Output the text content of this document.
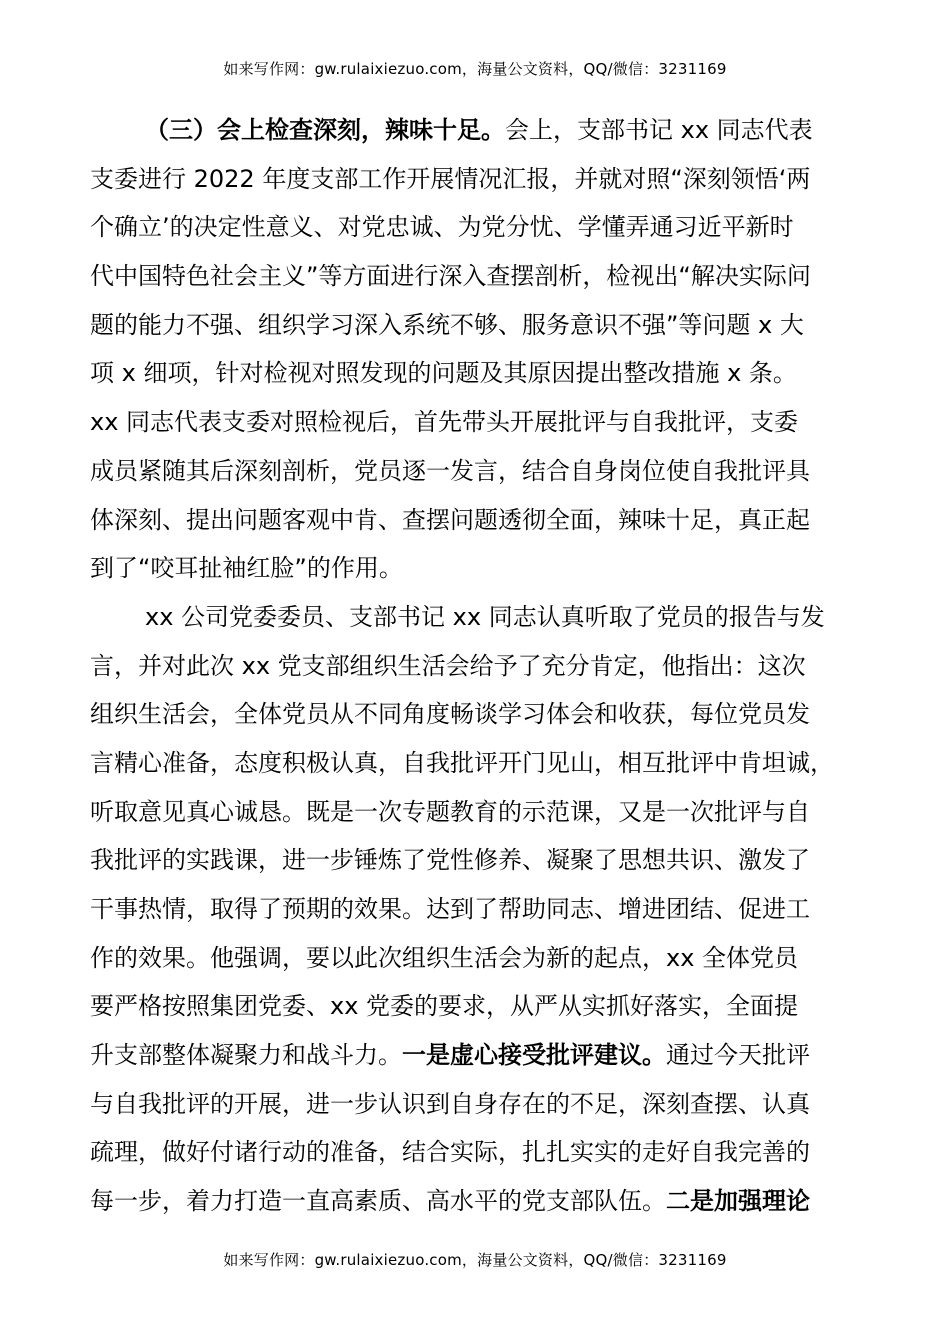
如来写作网：gw.rulaixiezuo.com，海量公文资料，QQ/微信：3231169
（三）会上检查深刻，辣味十足。会上，支部书记 xx 同志代表
支委进行 2022 年度支部工作开展情况汇报，并就对照“深刻领悟‘两
个确立’的决定性意义、对党忠诚、为党分忧、学懂弄通习近平新时
代中国特色社会主义”等方面进行深入查摆剖析，检视出“解决实际问
题的能力不强、组织学习深入系统不够、服务意识不强”等问题 x 大
项 x 细项，针对检视对照发现的问题及其原因提出整改措施 x 条。
xx 同志代表支委对照检视后，首先带头开展批评与自我批评，支委
成员紧随其后深刻剖析，党员逐一发言，结合自身岗位使自我批评具
体深刻、提出问题客观中肯、查摆问题透彻全面，辣味十足，真正起
到了“咬耳扯袖红脸”的作用。
xx 公司党委委员、支部书记 xx 同志认真听取了党员的报告与发
言，并对此次 xx 党支部组织生活会给予了充分肯定，他指出：这次
组织生活会，全体党员从不同角度畅谈学习体会和收获，每位党员发
言精心准备，态度积极认真，自我批评开门见山，相互批评中肯坦诚，
听取意见真心诚恳。既是一次专题教育的示范课，又是一次批评与自
我批评的实践课，进一步锤炼了党性修养、凝聚了思想共识、激发了
干事热情，取得了预期的效果。达到了帮助同志、增进团结、促进工
作的效果。他强调，要以此次组织生活会为新的起点，xx 全体党员
要严格按照集团党委、xx 党委的要求，从严从实抓好落实，全面提
升支部整体凝聚力和战斗力。一是虚心接受批评建议。通过今天批评
与自我批评的开展，进一步认识到自身存在的不足，深刻查摆、认真
疏理，做好付诸行动的准备，结合实际，扎扎实实的走好自我完善的
每一步，着力打造一直高素质、高水平的党支部队伍。二是加强理论
如来写作网：gw.rulaixiezuo.com，海量公文资料，QQ/微信：3231169
